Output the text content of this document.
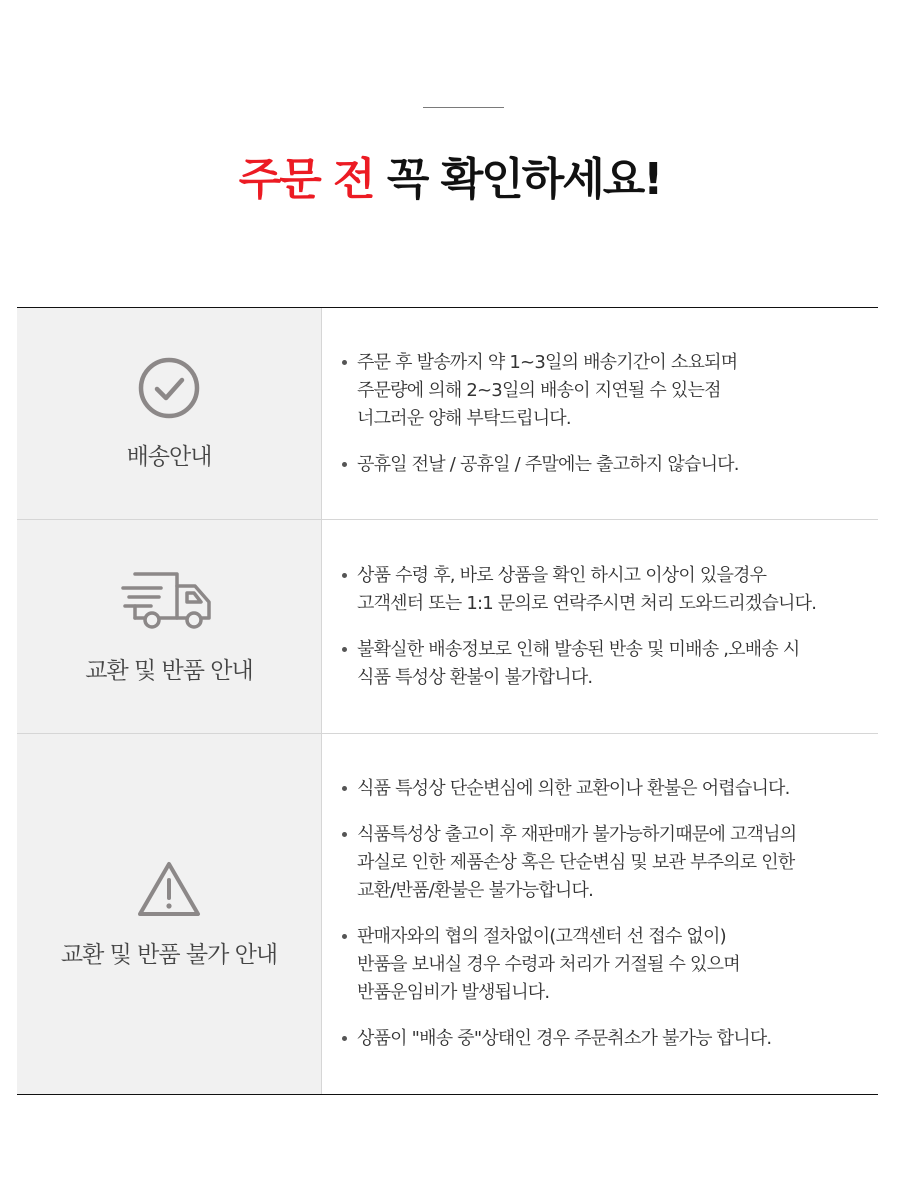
주문 전 꼭 확인하세요!
배송안내
주문 후 발송까지 약 1~3일의 배송기간이 소요되며
주문량에 의해 2~3일의 배송이 지연될 수 있는점
너그러운 양해 부탁드립니다.
공휴일 전날 / 공휴일 / 주말에는 출고하지 않습니다.
교환 및 반품 안내
상품 수령 후, 바로 상품을 확인 하시고 이상이 있을경우
고객센터 또는 1:1 문의로 연락주시면 처리 도와드리겠습니다.
불확실한 배송정보로 인해 발송된 반송 및 미배송 ,오배송 시
식품 특성상 환불이 불가합니다.
교환 및 반품 불가 안내
식품 특성상 단순변심에 의한 교환이나 환불은 어렵습니다.
식품특성상 출고이 후 재판매가 불가능하기때문에 고객님의
과실로 인한 제품손상 혹은 단순변심 및 보관 부주의로 인한
교환/반품/환불은 불가능합니다.
판매자와의 협의 절차없이(고객센터 선 접수 없이)
반품을 보내실 경우 수령과 처리가 거절될 수 있으며
반품운임비가 발생됩니다.
상품이 "배송 중"상태인 경우 주문취소가 불가능 합니다.
